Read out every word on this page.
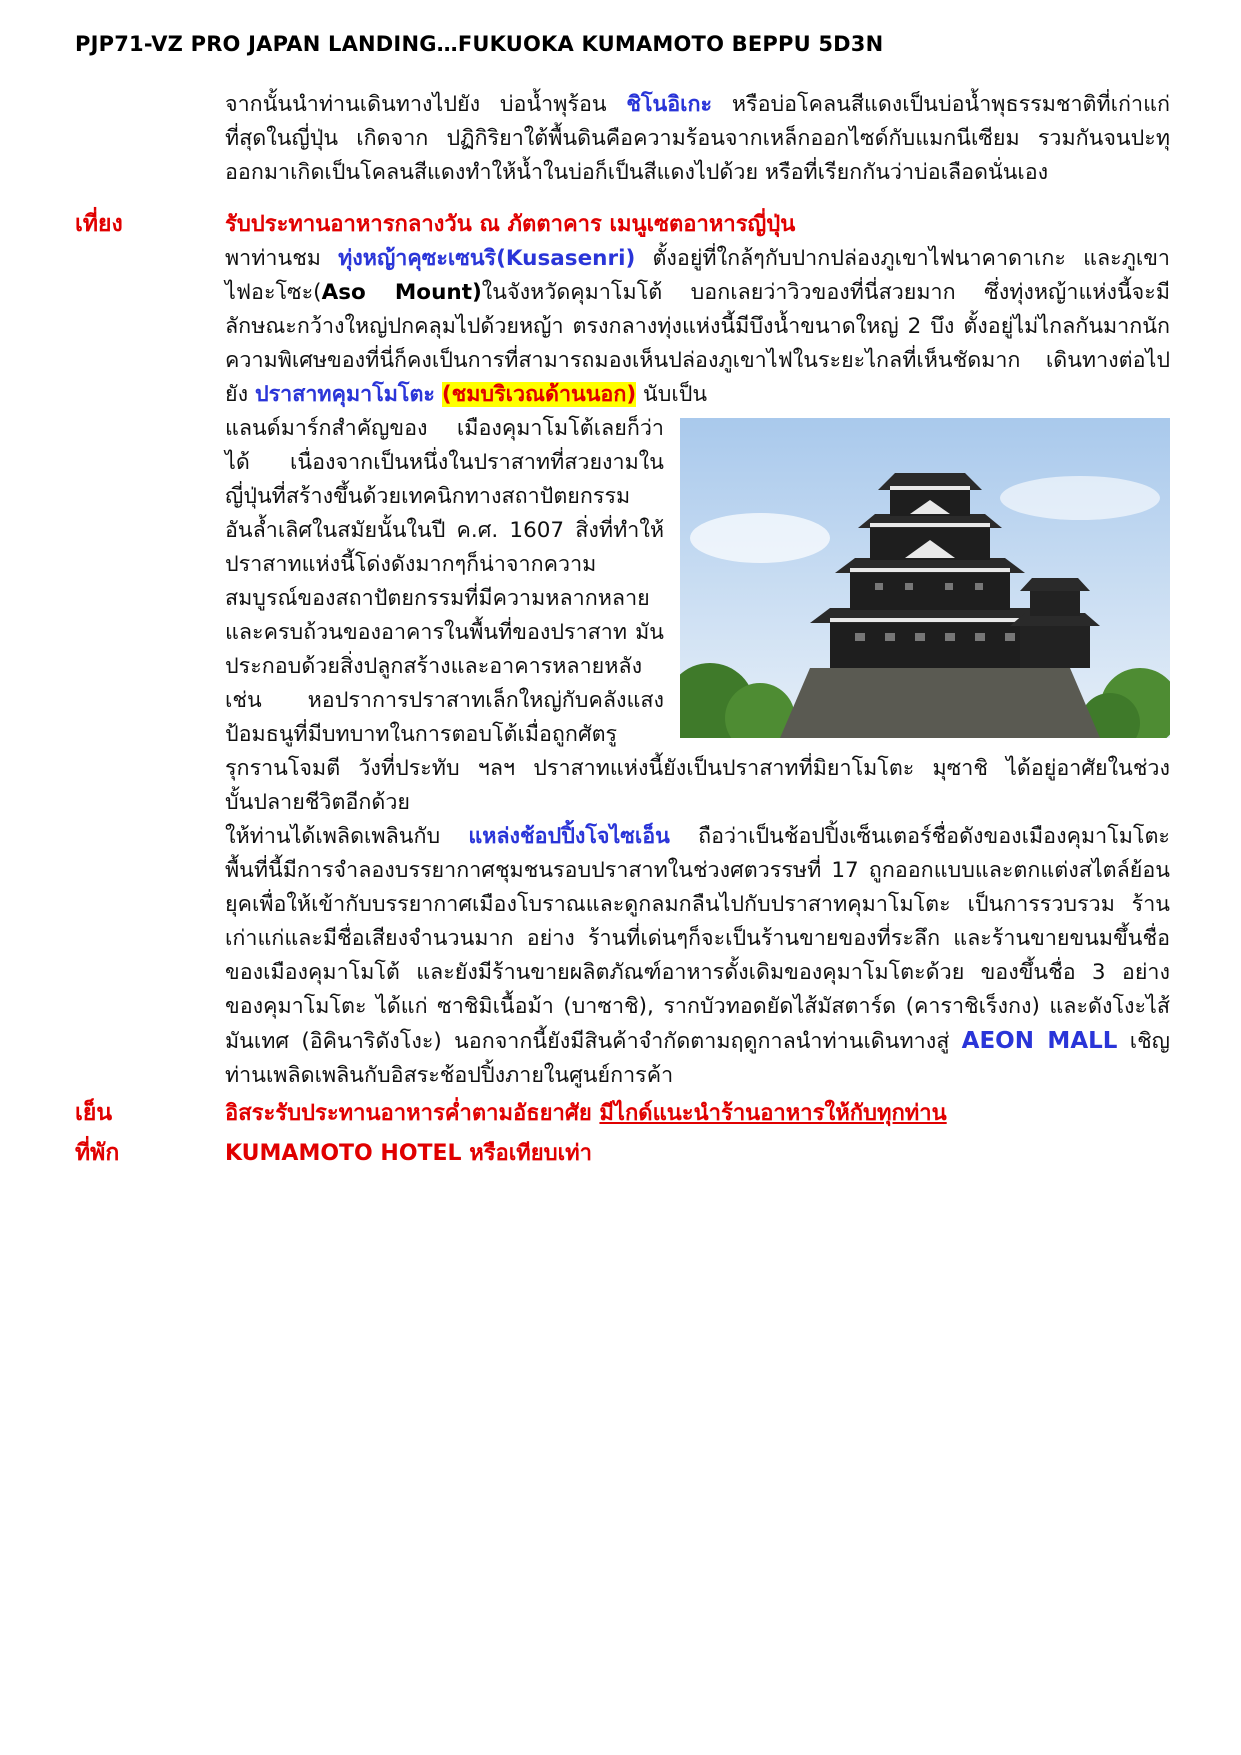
PJP71-VZ PRO JAPAN LANDING…FUKUOKA KUMAMOTO BEPPU 5D3N

จากนั้นนำท่านเดินทางไปยัง บ่อน้ำพุร้อน ชิโนอิเกะ หรือบ่อโคลนสีแดงเป็นบ่อน้ำพุธรรมชาติที่เก่าแก่ที่สุดในญี่ปุ่น เกิดจาก ปฏิกิริยาใต้พื้นดินคือความร้อนจากเหล็กออกไซด์กับแมกนีเซียม รวมกันจนปะทุออกมาเกิดเป็นโคลนสีแดงทำให้น้ำในบ่อก็เป็นสีแดงไปด้วย หรือที่เรียกกันว่าบ่อเลือดนั่นเอง

เที่ยง	รับประทานอาหารกลางวัน ณ ภัตตาคาร เมนูเซตอาหารญี่ปุ่น

พาท่านชม ทุ่งหญ้าคุซะเซนริ(Kusasenri) ตั้งอยู่ที่ใกล้ๆกับปากปล่องภูเขาไฟนาคาดาเกะ และภูเขา ไฟอะโซะ(Aso Mount)ในจังหวัดคุมาโมโต้ บอกเลยว่าวิวของที่นี่สวยมาก ซึ่งทุ่งหญ้าแห่งนี้จะมีลักษณะกว้างใหญ่ปกคลุมไปด้วยหญ้า ตรงกลางทุ่งแห่งนี้มีบึงน้ำขนาดใหญ่ 2 บึง ตั้งอยู่ไม่ไกลกันมากนัก ความพิเศษของที่นี่ก็คงเป็นการที่สามารถมองเห็นปล่องภูเขาไฟในระยะไกลที่เห็นชัดมาก เดินทางต่อไปยัง ปราสาทคุมาโมโตะ (ชมบริเวณด้านนอก) นับเป็น

แลนด์มาร์กสำคัญของ เมืองคุมาโมโต้เลยก็ว่าได้ เนื่องจากเป็นหนึ่งในปราสาทที่สวยงามในญี่ปุ่นที่สร้างขึ้นด้วยเทคนิกทางสถาปัตยกรรม อันล้ำเลิศในสมัยนั้นในปี ค.ศ. 1607 สิ่งที่ทำให้ปราสาทแห่งนี้โด่งดังมากๆก็น่าจากความสมบูรณ์ของสถาปัตยกรรมที่มีความหลากหลายและครบถ้วนของอาคารในพื้นที่ของปราสาท มันประกอบด้วยสิ่งปลูกสร้างและอาคารหลายหลัง เช่น หอปราการปราสาทเล็กใหญ่กับคลังแสง ป้อมธนูที่มีบทบาทในการตอบโต้เมื่อถูกศัตรูรุกรานโจมตี วังที่ประทับ ฯลฯ ปราสาทแห่งนี้ยังเป็นปราสาทที่มิยาโมโตะ มุซาชิ ได้อยู่อาศัยในช่วงบั้นปลายชีวิตอีกด้วย

ให้ท่านได้เพลิดเพลินกับ แหล่งช้อปปิ้งโจไซเอ็น ถือว่าเป็นช้อปปิ้งเซ็นเตอร์ชื่อดังของเมืองคุมาโมโตะ พื้นที่นี้มีการจำลองบรรยากาศชุมชนรอบปราสาทในช่วงศตวรรษที่ 17 ถูกออกแบบและตกแต่งสไตล์ย้อนยุคเพื่อให้เข้ากับบรรยากาศเมืองโบราณและดูกลมกลืนไปกับปราสาทคุมาโมโตะ เป็นการรวบรวม ร้านเก่าแก่และมีชื่อเสียงจำนวนมาก อย่าง ร้านที่เด่นๆก็จะเป็นร้านขายของที่ระลึก และร้านขายขนมขึ้นชื่อของเมืองคุมาโมโต้ และยังมีร้านขายผลิตภัณฑ์อาหารดั้งเดิมของคุมาโมโตะด้วย ของขึ้นชื่อ 3 อย่างของคุมาโมโตะ ได้แก่ ซาชิมิเนื้อม้า (บาซาชิ), รากบัวทอดยัดไส้มัสตาร์ด (คาราชิเร็งกง) และดังโงะไส้มันเทศ (อิคินาริดังโงะ) นอกจากนี้ยังมีสินค้าจำกัดตามฤดูกาลนำท่านเดินทางสู่ AEON MALL เชิญท่านเพลิดเพลินกับอิสระช้อปปิ้งภายในศูนย์การค้า

เย็น	อิสระรับประทานอาหารค่ำตามอัธยาศัย มีไกด์แนะนำร้านอาหารให้กับทุกท่าน
ที่พัก	KUMAMOTO HOTEL หรือเทียบเท่า
